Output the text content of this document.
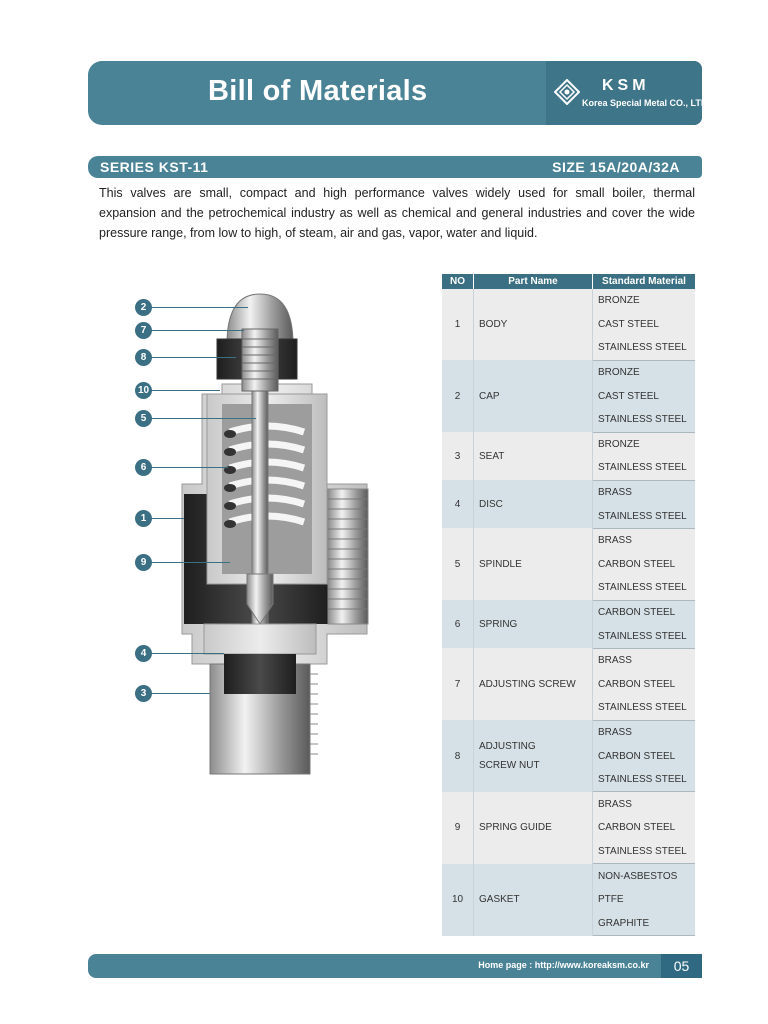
Bill of Materials	KSM
Korea Special Metal CO., LTD
SERIES KST-11	SIZE 15A/20A/32A
This valves are small, compact and high performance valves widely used for small boiler, thermal expansion and the petrochemical industry as well as chemical and general industries and cover the wide pressure range, from low to high, of steam, air and gas, vapor, water and liquid.
2
7
8
10
5
6
1
9
4
3
NO	Part Name	Standard Material
1	BODY	BRONZE
		CAST STEEL
		STAINLESS STEEL
2	CAP	BRONZE
		CAST STEEL
		STAINLESS STEEL
3	SEAT	BRONZE
		STAINLESS STEEL
4	DISC	BRASS
		STAINLESS STEEL
5	SPINDLE	BRASS
		CARBON STEEL
		STAINLESS STEEL
6	SPRING	CARBON STEEL
		STAINLESS STEEL
7	ADJUSTING SCREW	BRASS
		CARBON STEEL
		STAINLESS STEEL
8	ADJUSTING
SCREW NUT	BRASS
		CARBON STEEL
		STAINLESS STEEL
9	SPRING GUIDE	BRASS
		CARBON STEEL
		STAINLESS STEEL
10	GASKET	NON-ASBESTOS
		PTFE
		GRAPHITE
Home page : http://www.koreaksm.co.kr	05
